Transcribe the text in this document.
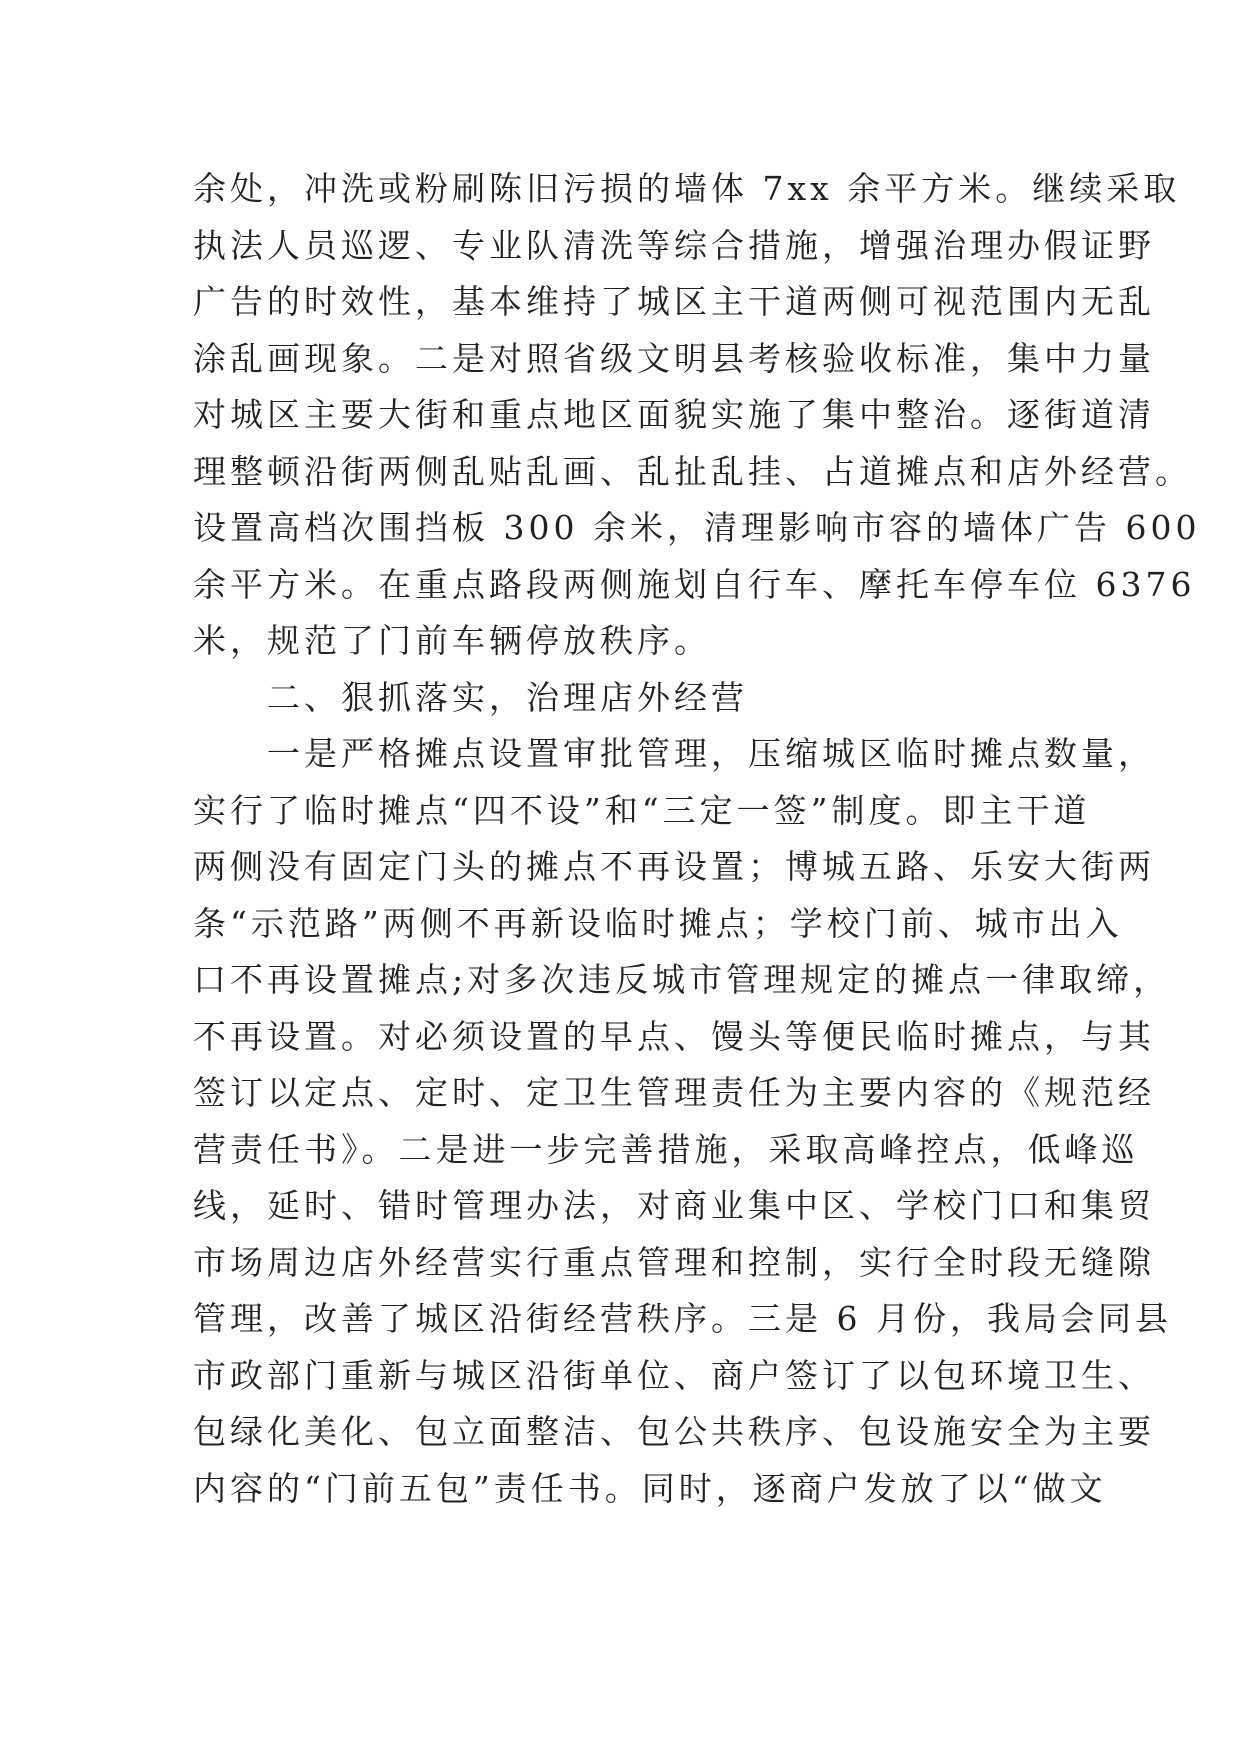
余处，冲洗或粉刷陈旧污损的墙体 7xx 余平方米。继续采取
执法人员巡逻、专业队清洗等综合措施，增强治理办假证野
广告的时效性，基本维持了城区主干道两侧可视范围内无乱
涂乱画现象。二是对照省级文明县考核验收标准，集中力量
对城区主要大街和重点地区面貌实施了集中整治。逐街道清
理整顿沿街两侧乱贴乱画、乱扯乱挂、占道摊点和店外经营。
设置高档次围挡板 300 余米，清理影响市容的墙体广告 600
余平方米。在重点路段两侧施划自行车、摩托车停车位 6376
米，规范了门前车辆停放秩序。
　　二、狠抓落实，治理店外经营
　　一是严格摊点设置审批管理，压缩城区临时摊点数量，
实行了临时摊点“四不设”和“三定一签”制度。即主干道
两侧没有固定门头的摊点不再设置；博城五路、乐安大街两
条“示范路”两侧不再新设临时摊点；学校门前、城市出入
口不再设置摊点;对多次违反城市管理规定的摊点一律取缔，
不再设置。对必须设置的早点、馒头等便民临时摊点，与其
签订以定点、定时、定卫生管理责任为主要内容的《规范经
营责任书》。二是进一步完善措施，采取高峰控点，低峰巡
线，延时、错时管理办法，对商业集中区、学校门口和集贸
市场周边店外经营实行重点管理和控制，实行全时段无缝隙
管理，改善了城区沿街经营秩序。三是 6 月份，我局会同县
市政部门重新与城区沿街单位、商户签订了以包环境卫生、
包绿化美化、包立面整洁、包公共秩序、包设施安全为主要
内容的“门前五包”责任书。同时，逐商户发放了以“做文
